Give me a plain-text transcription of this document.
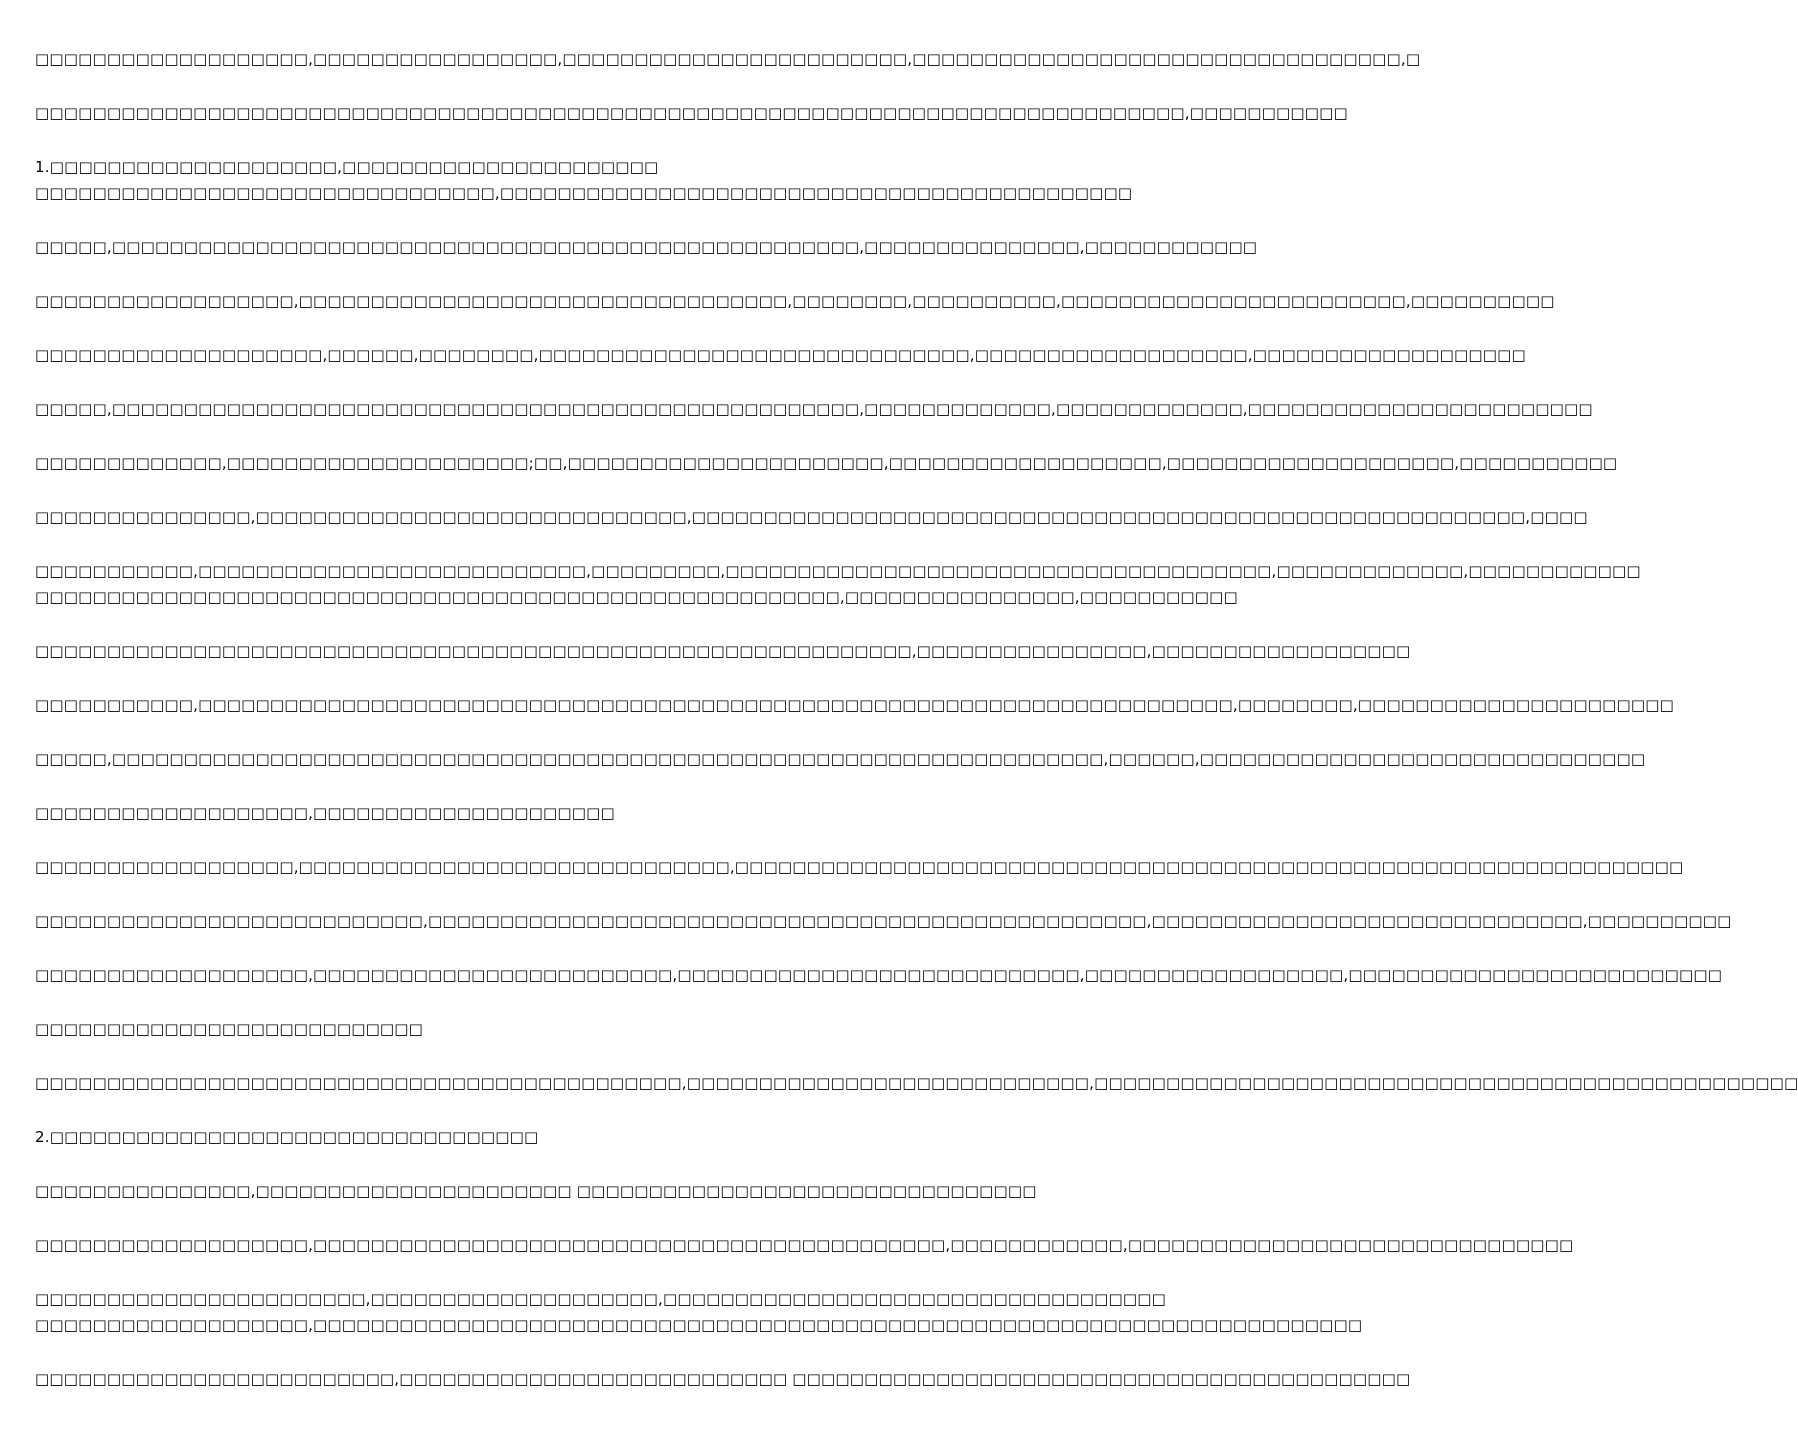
□□□□□□□□□□□□□□□□□□□,□□□□□□□□□□□□□□□□□,□□□□□□□□□□□□□□□□□□□□□□□□,□□□□□□□□□□□□□□□□□□□□□□□□□□□□□□□□□□,□
□□□□□□□□□□□□□□□□□□□□□□□□□□□□□□□□□□□□□□□□□□□□□□□□□□□□□□□□□□□□□□□□□□□□□□□□□□□□□□□□,□□□□□□□□□□□
1.□□□□□□□□□□□□□□□□□□□□,□□□□□□□□□□□□□□□□□□□□□□
□□□□□□□□□□□□□□□□□□□□□□□□□□□□□□□□,□□□□□□□□□□□□□□□□□□□□□□□□□□□□□□□□□□□□□□□□□□□□
□□□□□,□□□□□□□□□□□□□□□□□□□□□□□□□□□□□□□□□□□□□□□□□□□□□□□□□□□□,□□□□□□□□□□□□□□□,□□□□□□□□□□□□
□□□□□□□□□□□□□□□□□□,□□□□□□□□□□□□□□□□□□□□□□□□□□□□□□□□□□,□□□□□□□□,□□□□□□□□□□,□□□□□□□□□□□□□□□□□□□□□□□□,□□□□□□□□□□
□□□□□□□□□□□□□□□□□□□□,□□□□□□,□□□□□□□□,□□□□□□□□□□□□□□□□□□□□□□□□□□□□□□,□□□□□□□□□□□□□□□□□□□,□□□□□□□□□□□□□□□□□□□
□□□□□,□□□□□□□□□□□□□□□□□□□□□□□□□□□□□□□□□□□□□□□□□□□□□□□□□□□□,□□□□□□□□□□□□□,□□□□□□□□□□□□□,□□□□□□□□□□□□□□□□□□□□□□□□
□□□□□□□□□□□□□,□□□□□□□□□□□□□□□□□□□□□;□□,□□□□□□□□□□□□□□□□□□□□□□,□□□□□□□□□□□□□□□□□□□,□□□□□□□□□□□□□□□□□□□□,□□□□□□□□□□□
□□□□□□□□□□□□□□□,□□□□□□□□□□□□□□□□□□□□□□□□□□□□□□,□□□□□□□□□□□□□□□□□□□□□□□□□□□□□□□□□□□□□□□□□□□□□□□□□□□□□□□□□□,□□□□
□□□□□□□□□□□,□□□□□□□□□□□□□□□□□□□□□□□□□□□,□□□□□□□□□,□□□□□□□□□□□□□□□□□□□□□□□□□□□□□□□□□□□□□□,□□□□□□□□□□□□□,□□□□□□□□□□□□
□□□□□□□□□□□□□□□□□□□□□□□□□□□□□□□□□□□□□□□□□□□□□□□□□□□□□□□□,□□□□□□□□□□□□□□□□,□□□□□□□□□□□
□□□□□□□□□□□□□□□□□□□□□□□□□□□□□□□□□□□□□□□□□□□□□□□□□□□□□□□□□□□□□,□□□□□□□□□□□□□□□□,□□□□□□□□□□□□□□□□□□
□□□□□□□□□□□,□□□□□□□□□□□□□□□□□□□□□□□□□□□□□□□□□□□□□□□□□□□□□□□□□□□□□□□□□□□□□□□□□□□□□□□□,□□□□□□□□,□□□□□□□□□□□□□□□□□□□□□□
□□□□□,□□□□□□□□□□□□□□□□□□□□□□□□□□□□□□□□□□□□□□□□□□□□□□□□□□□□□□□□□□□□□□□□□□□□□,□□□□□□,□□□□□□□□□□□□□□□□□□□□□□□□□□□□□□□
□□□□□□□□□□□□□□□□□□□,□□□□□□□□□□□□□□□□□□□□□
□□□□□□□□□□□□□□□□□□,□□□□□□□□□□□□□□□□□□□□□□□□□□□□□□,□□□□□□□□□□□□□□□□□□□□□□□□□□□□□□□□□□□□□□□□□□□□□□□□□□□□□□□□□□□□□□□□□□
□□□□□□□□□□□□□□□□□□□□□□□□□□□,□□□□□□□□□□□□□□□□□□□□□□□□□□□□□□□□□□□□□□□□□□□□□□□□□□,□□□□□□□□□□□□□□□□□□□□□□□□□□□□□□,□□□□□□□□□□
□□□□□□□□□□□□□□□□□□□,□□□□□□□□□□□□□□□□□□□□□□□□□,□□□□□□□□□□□□□□□□□□□□□□□□□□□□,□□□□□□□□□□□□□□□□□□,□□□□□□□□□□□□□□□□□□□□□□□□□□
□□□□□□□□□□□□□□□□□□□□□□□□□□□
□□□□□□□□□□□□□□□□□□□□□□□□□□□□□□□□□□□□□□□□□□□□□,□□□□□□□□□□□□□□□□□□□□□□□□□□□□,□□□□□□□□□□□□□□□□□□□□□□□□□□□□□□□□□□□□□□□□□□□□□□□□□
2.□□□□□□□□□□□□□□□□□□□□□□□□□□□□□□□□□□
□□□□□□□□□□□□□□□,□□□□□□□□□□□□□□□□□□□□□□ □□□□□□□□□□□□□□□□□□□□□□□□□□□□□□□□
□□□□□□□□□□□□□□□□□□□,□□□□□□□□□□□□□□□□□□□□□□□□□□□□□□□□□□□□□□□□□□□□,□□□□□□□□□□□□,□□□□□□□□□□□□□□□□□□□□□□□□□□□□□□□
□□□□□□□□□□□□□□□□□□□□□□□,□□□□□□□□□□□□□□□□□□□□,□□□□□□□□□□□□□□□□□□□□□□□□□□□□□□□□□□□
□□□□□□□□□□□□□□□□□□□,□□□□□□□□□□□□□□□□□□□□□□□□□□□□□□□□□□□□□□□□□□□□□□□□□□□□□□□□□□□□□□□□□□□□□□□□□
□□□□□□□□□□□□□□□□□□□□□□□□□,□□□□□□□□□□□□□□□□□□□□□□□□□□□ □□□□□□□□□□□□□□□□□□□□□□□□□□□□□□□□□□□□□□□□□□□
